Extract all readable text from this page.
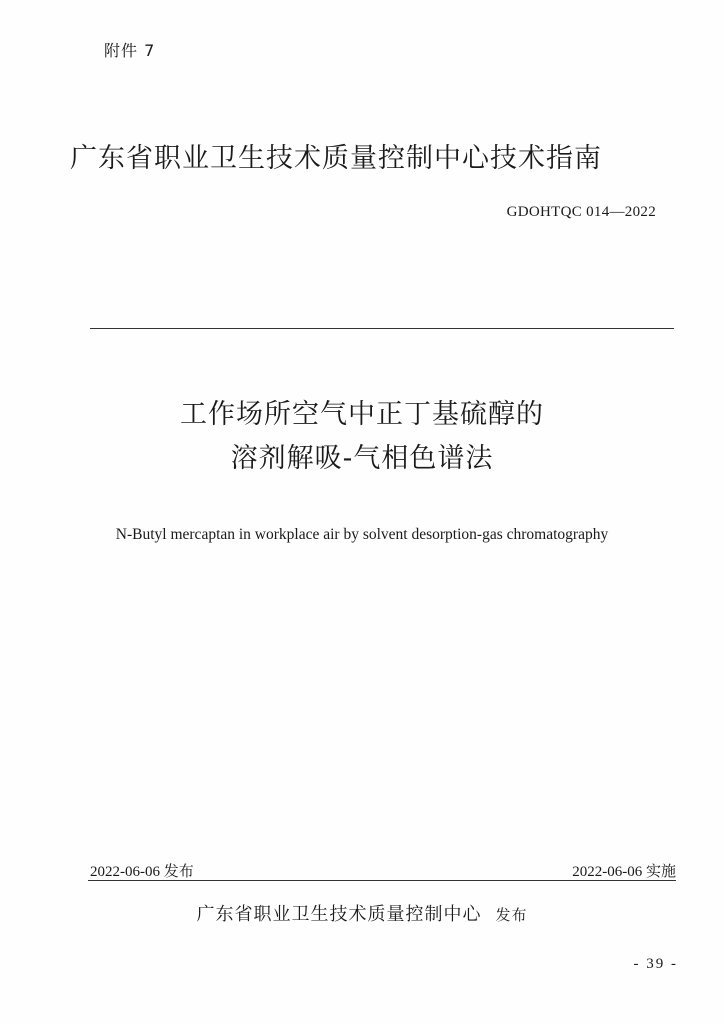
附件 7
广东省职业卫生技术质量控制中心技术指南
GDOHTQC 014—2022
工作场所空气中正丁基硫醇的
溶剂解吸-气相色谱法
N-Butyl mercaptan in workplace air by solvent desorption-gas chromatography
2022-06-06 发布	2022-06-06 实施
广东省职业卫生技术质量控制中心 发布
- 39 -
